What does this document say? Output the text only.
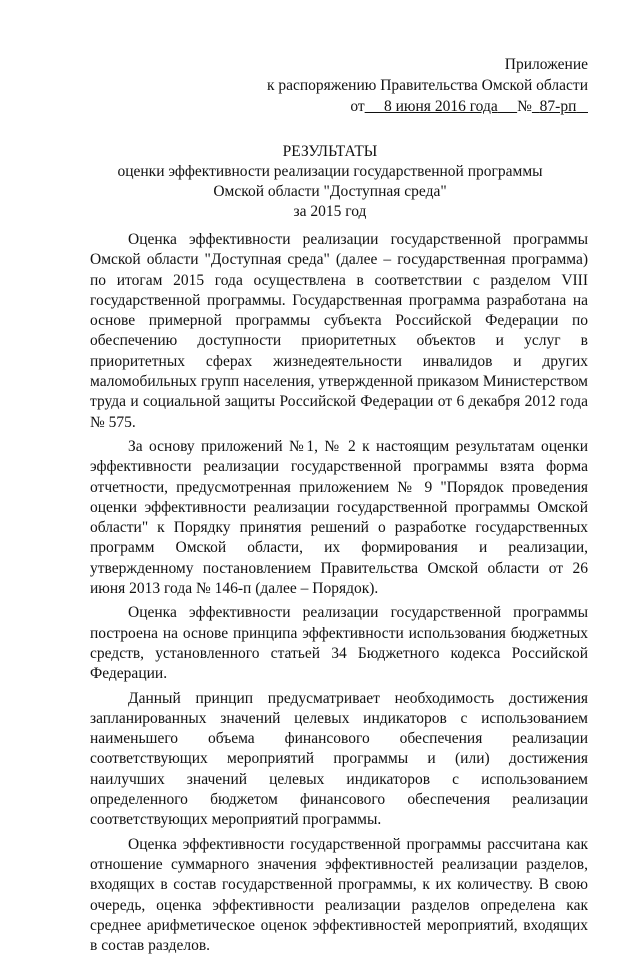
Приложение
к распоряжению Правительства Омской области
от 8 июня 2016 года № 87-рп
РЕЗУЛЬТАТЫ
оценки эффективности реализации государственной программы
Омской области "Доступная среда"
за 2015 год

Оценка эффективности реализации государственной программы Омской области "Доступная среда" (далее – государственная программа) по итогам 2015 года осуществлена в соответствии с разделом VIII государственной программы. Государственная программа разработана на основе примерной программы субъекта Российской Федерации по обеспечению доступности приоритетных объектов и услуг в приоритетных сферах жизнедеятельности инвалидов и других маломобильных групп населения, утвержденной приказом Министерством труда и социальной защиты Российской Федерации от 6 декабря 2012 года № 575.

За основу приложений №1, № 2 к настоящим результатам оценки эффективности реализации государственной программы взята форма отчетности, предусмотренная приложением № 9 "Порядок проведения оценки эффективности реализации государственной программы Омской области" к Порядку принятия решений о разработке государственных программ Омской области, их формирования и реализации, утвержденному постановлением Правительства Омской области от 26 июня 2013 года № 146-п (далее – Порядок).

Оценка эффективности реализации государственной программы построена на основе принципа эффективности использования бюджетных средств, установленного статьей 34 Бюджетного кодекса Российской Федерации.

Данный принцип предусматривает необходимость достижения запланированных значений целевых индикаторов с использованием наименьшего объема финансового обеспечения реализации соответствующих мероприятий программы и (или) достижения наилучших значений целевых индикаторов с использованием определенного бюджетом финансового обеспечения реализации соответствующих мероприятий программы.

Оценка эффективности государственной программы рассчитана как отношение суммарного значения эффективностей реализации разделов, входящих в состав государственной программы, к их количеству. В свою очередь, оценка эффективности реализации разделов определена как среднее арифметическое оценок эффективностей мероприятий, входящих в состав разделов.
